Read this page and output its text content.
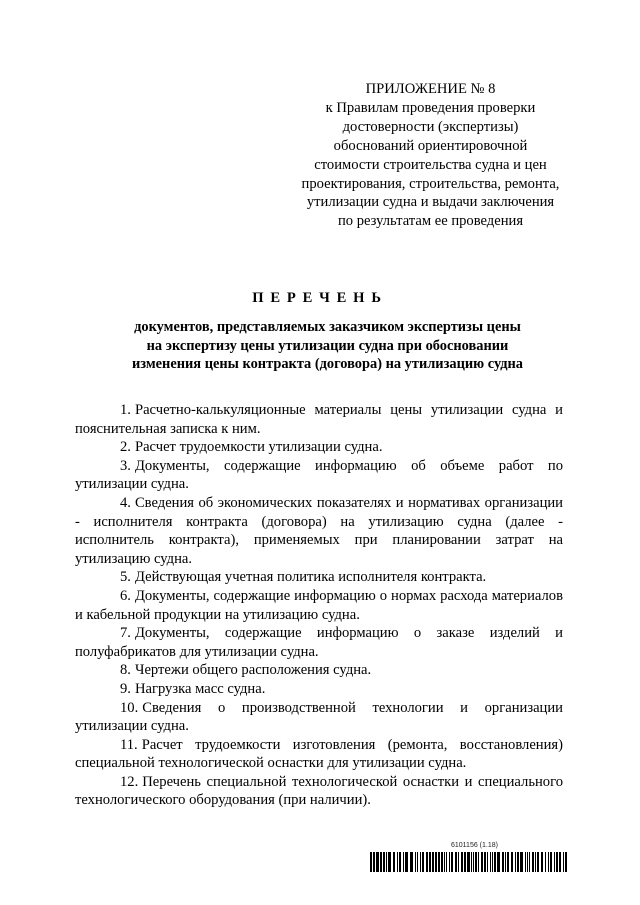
ПРИЛОЖЕНИЕ № 8
к Правилам проведения проверки
достоверности (экспертизы)
обоснований ориентировочной
стоимости строительства судна и цен
проектирования, строительства, ремонта,
утилизации судна и выдачи заключения
по результатам ее проведения
ПЕРЕЧЕНЬ
документов, представляемых заказчиком экспертизы цены
на экспертизу цены утилизации судна при обосновании
изменения цены контракта (договора) на утилизацию судна

1. Расчетно-калькуляционные материалы цены утилизации судна и пояснительная записка к ним.

2. Расчет трудоемкости утилизации судна.

3. Документы, содержащие информацию об объеме работ по утилизации судна.

4. Сведения об экономических показателях и нормативах организации - исполнителя контракта (договора) на утилизацию судна (далее - исполнитель контракта), применяемых при планировании затрат на утилизацию судна.

5. Действующая учетная политика исполнителя контракта.

6. Документы, содержащие информацию о нормах расхода материалов и кабельной продукции на утилизацию судна.

7. Документы, содержащие информацию о заказе изделий и полуфабрикатов для утилизации судна.

8. Чертежи общего расположения судна.

9. Нагрузка масс судна.

10. Сведения о производственной технологии и организации утилизации судна.

11. Расчет трудоемкости изготовления (ремонта, восстановления) специальной технологической оснастки для утилизации судна.

12. Перечень специальной технологической оснастки и специального технологического оборудования (при наличии).

6101156 (1.18)
